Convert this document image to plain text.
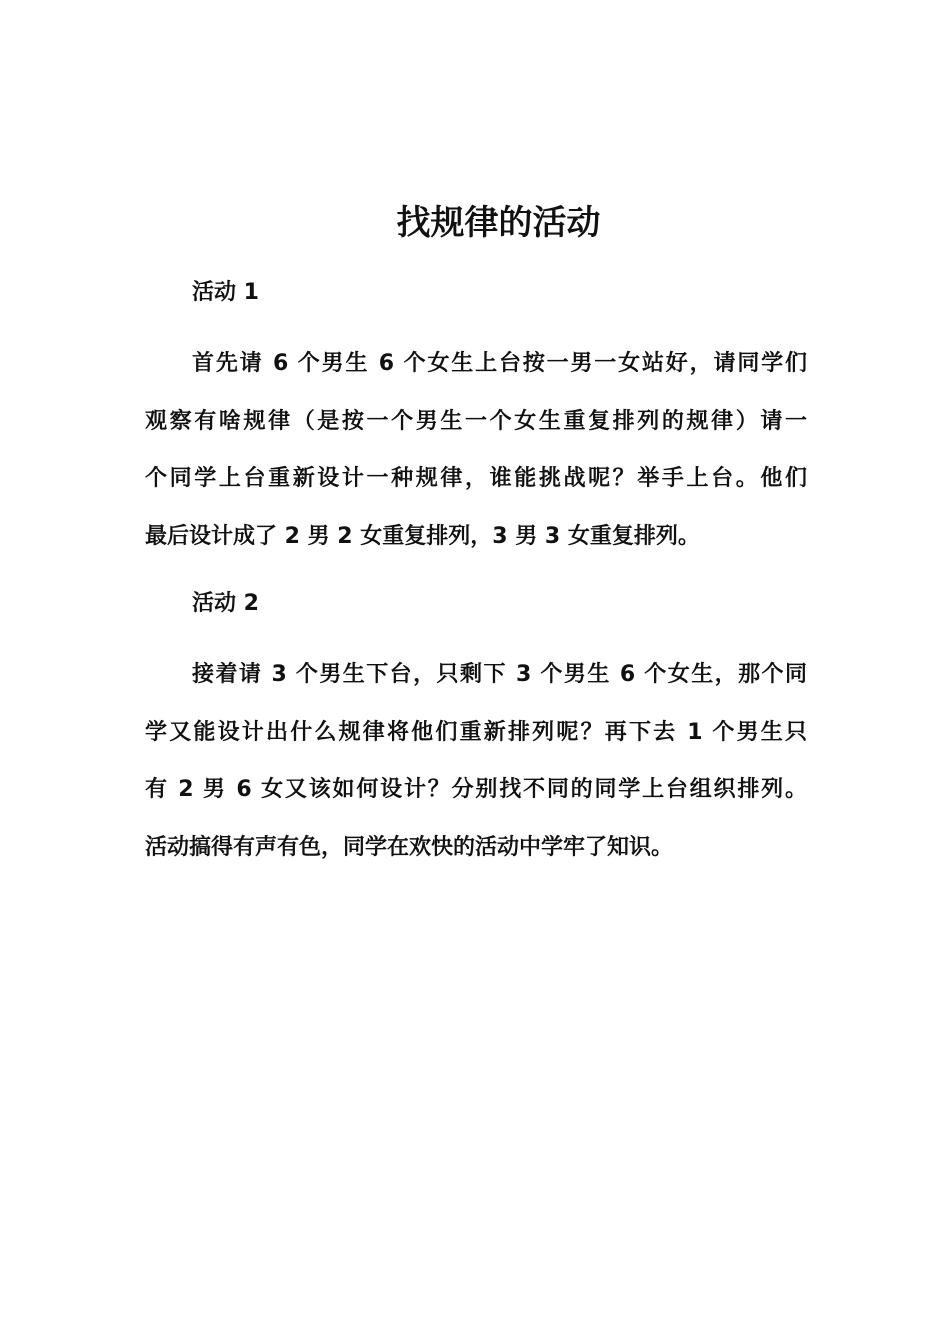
找规律的活动
活动 1
首先请 6 个男生 6 个女生上台按一男一女站好，请同学们
观察有啥规律（是按一个男生一个女生重复排列的规律）请一
个同学上台重新设计一种规律，谁能挑战呢？举手上台。他们
最后设计成了 2 男 2 女重复排列，3 男 3 女重复排列。
活动 2
接着请 3 个男生下台，只剩下 3 个男生 6 个女生，那个同
学又能设计出什么规律将他们重新排列呢？再下去 1 个男生只
有 2 男 6 女又该如何设计？分别找不同的同学上台组织排列。
活动搞得有声有色，同学在欢快的活动中学牢了知识。
